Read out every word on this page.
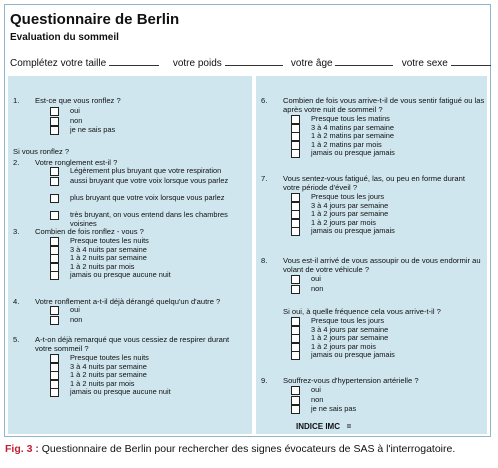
Questionnaire de Berlin
Evaluation du sommeil
Complétez votre taille	votre poids	votre âge	votre sexe
1. Est-ce que vous ronflez ?
oui
non
je ne sais pas
Si vous ronflez ?
2. Votre ronglement est-il ?
Légèrement plus bruyant que votre respiration
aussi bruyant que votre voix lorsque vous parlez
plus bruyant que votre voix lorsque vous parlez
très bruyant, on vous entend dans les chambres voisines
3. Combien de fois ronflez - vous ?
Presque toutes les nuits
3 à 4 nuits par semaine
1 à 2 nuits par semaine
1 à 2 nuits par mois
jamais ou presque aucune nuit
4. Votre ronflement a-t-il déjà dérangé quelqu'un d'autre ?
oui
non
5. A-t-on déjà remarqué que vous cessiez de respirer durant votre sommeil ?
Presque toutes les nuits
3 à 4 nuits par semaine
1 à 2 nuits par semaine
1 à 2 nuits par mois
jamais ou presque aucune nuit
6. Combien de fois vous arrive-t-il de vous sentir fatigué ou las après votre nuit de sommeil ?
Presque tous les matins
3 à 4 matins par semaine
1 à 2 matins par semaine
1 à 2 matins par mois
jamais ou presque jamais
7. Vous sentez-vous fatigué, las, ou peu en forme durant votre période d'éveil ?
Presque tous les jours
3 à 4 jours par semaine
1 à 2 jours par semaine
1 à 2 jours par mois
jamais ou presque jamais
8. Vous est-il arrivé de vous assoupir ou de vous endormir au volant de votre véhicule ?
oui
non
Si oui, à quelle fréquence cela vous arrive-t-il ?
Presque tous les jours
3 à 4 jours par semaine
1 à 2 jours par semaine
1 à 2 jours par mois
jamais ou presque jamais
9. Souffrez-vous d'hypertension artérielle ?
oui
non
je ne sais pas
INDICE IMC   =
Fig. 3 : Questionnaire de Berlin pour rechercher des signes évocateurs de SAS à l'interrogatoire.
